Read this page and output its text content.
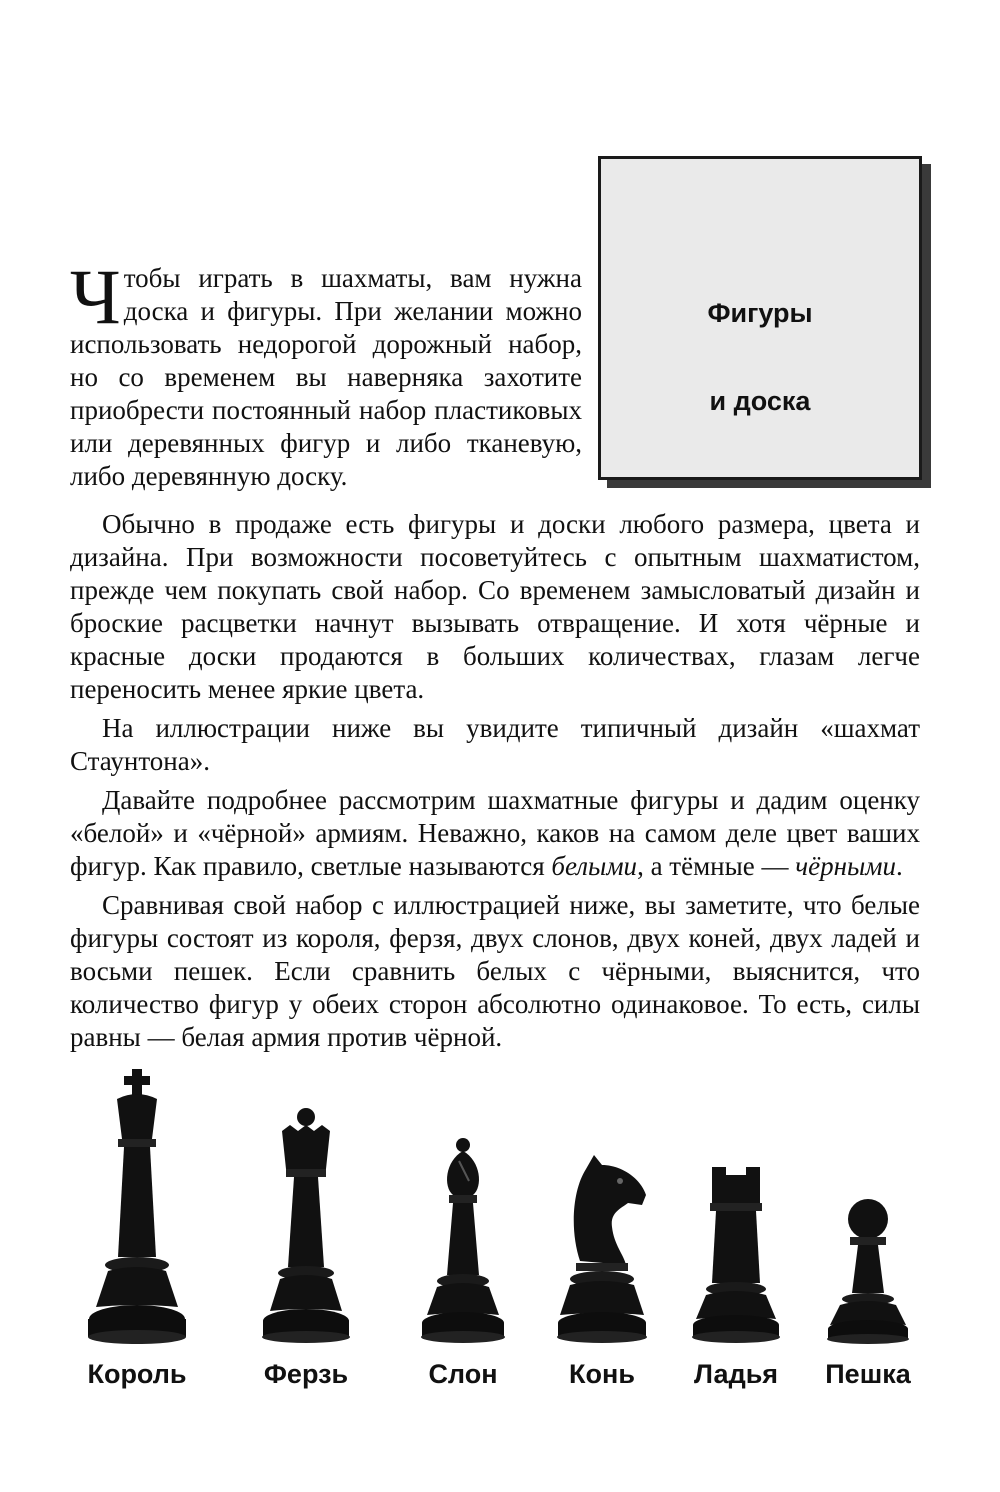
Фигуры
и доска

Чтобы играть в шахматы, вам нужна доска и фигуры. При желании можно использовать недорогой дорожный набор, но со временем вы наверняка захотите приобрести постоянный набор пластиковых или деревянных фигур и либо тканевую, либо деревянную доску.

Обычно в продаже есть фигуры и доски любого размера, цвета и дизайна. При возможности посоветуйтесь с опытным шахматистом, прежде чем покупать свой набор. Со временем замысловатый дизайн и броские расцветки начнут вызывать отвращение. И хотя чёрные и красные доски продаются в больших количествах, глазам легче переносить менее яркие цвета.

На иллюстрации ниже вы увидите типичный дизайн «шахмат Стаунтона».

Давайте подробнее рассмотрим шахматные фигуры и дадим оценку «белой» и «чёрной» армиям. Неважно, каков на самом деле цвет ваших фигур. Как правило, светлые называются белыми, а тёмные — чёрными.

Сравнивая свой набор с иллюстрацией ниже, вы заметите, что белые фигуры состоят из короля, ферзя, двух слонов, двух коней, двух ладей и восьми пешек. Если сравнить белых с чёрными, выяснится, что количество фигур у обеих сторон абсолютно одинаковое. То есть, силы равны — белая армия против чёрной.

Король	Ферзь	Слон	Конь Ладья Пешка
